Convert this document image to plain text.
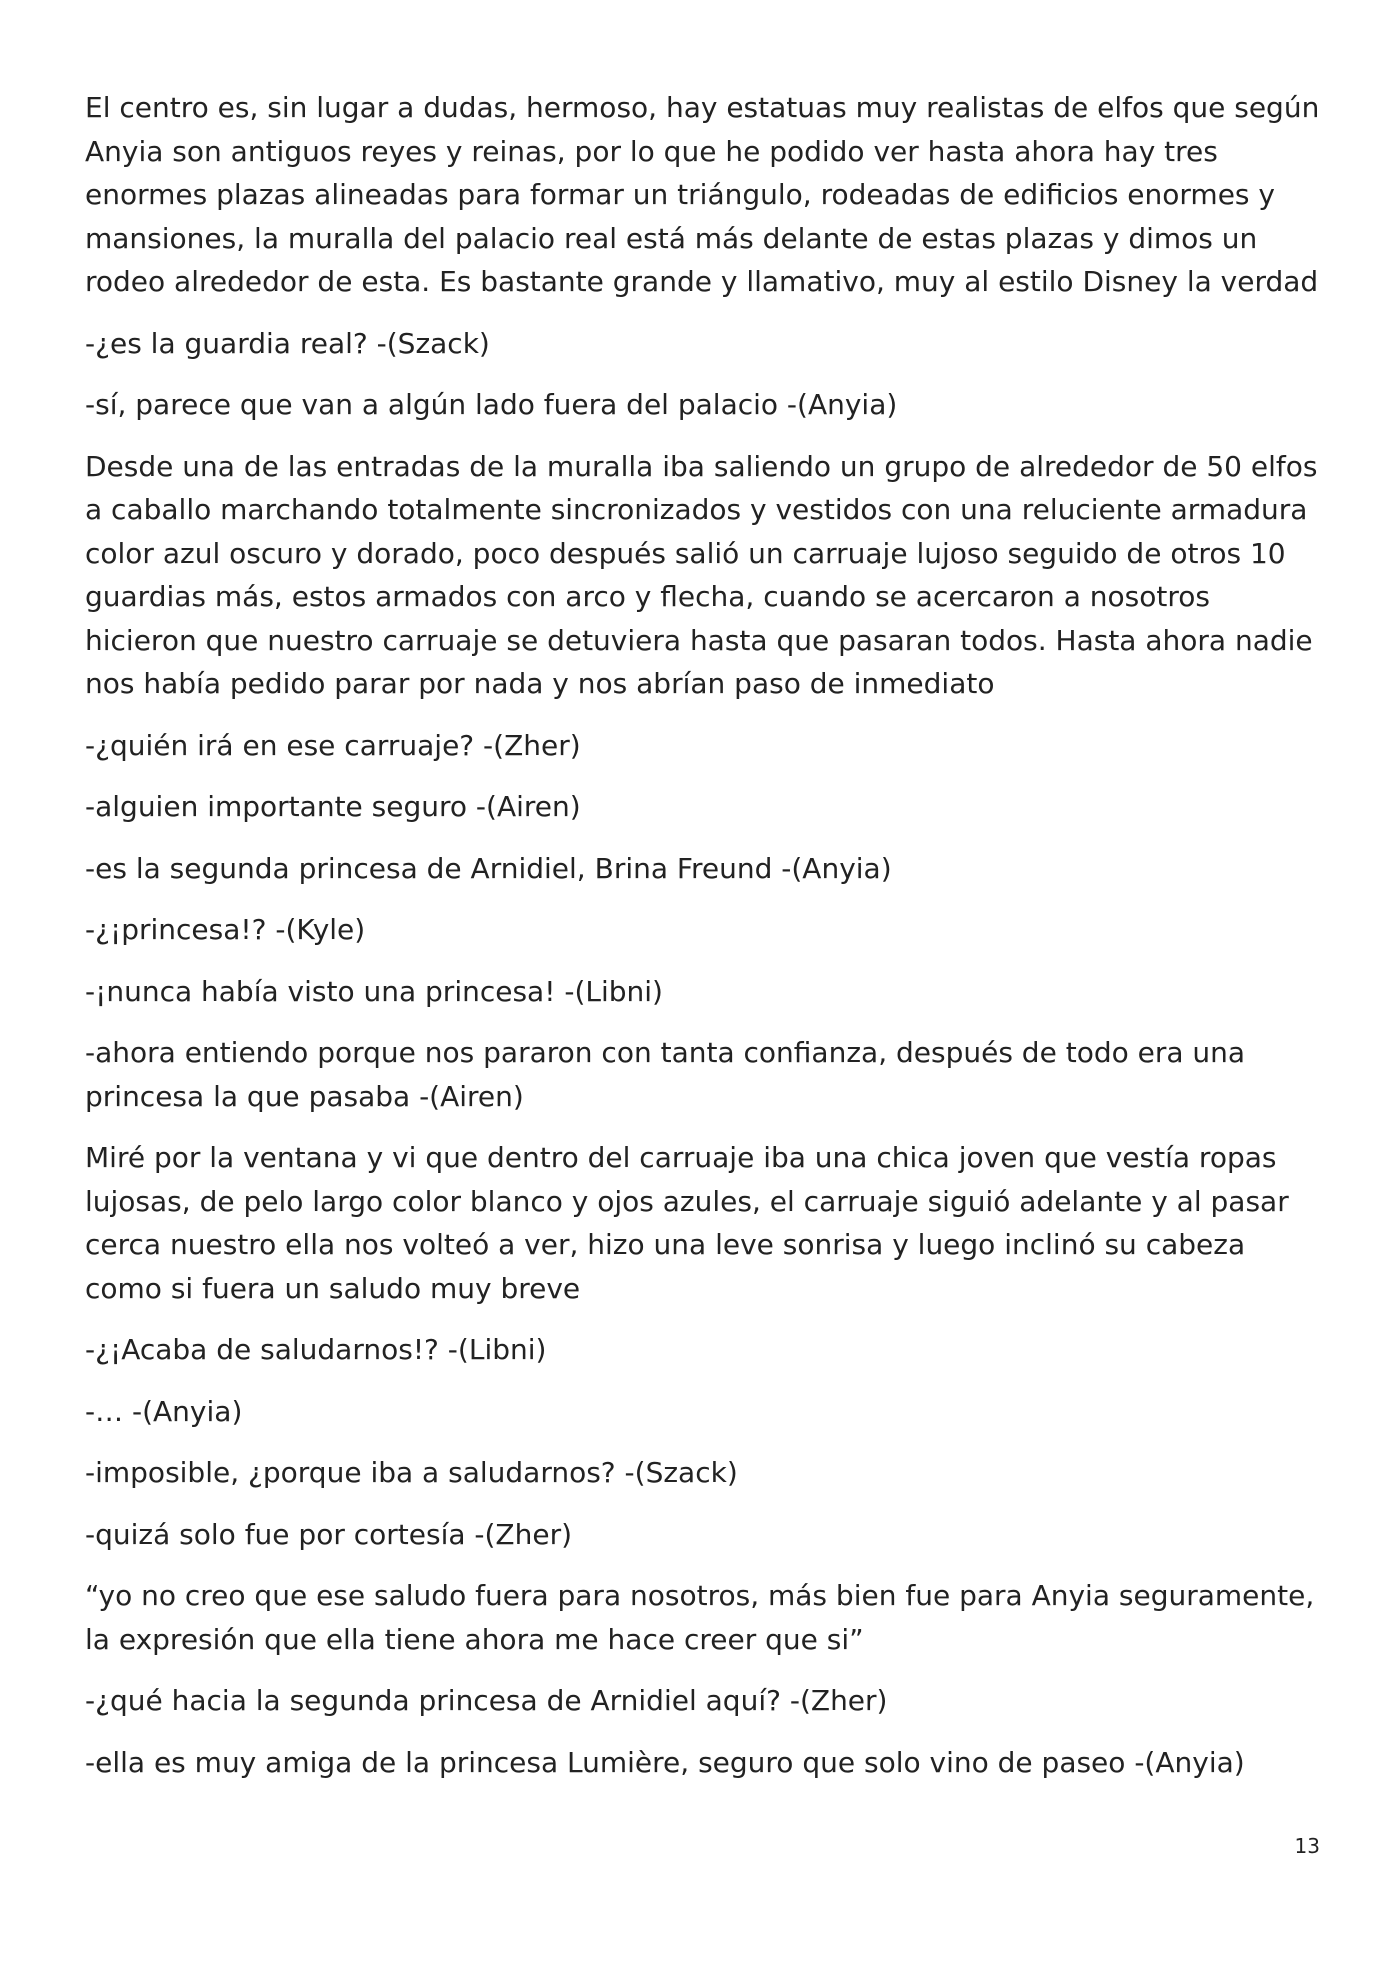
El centro es, sin lugar a dudas, hermoso, hay estatuas muy realistas de elfos que según Anyia son antiguos reyes y reinas, por lo que he podido ver hasta ahora hay tres enormes plazas alineadas para formar un triángulo, rodeadas de edificios enormes y mansiones, la muralla del palacio real está más delante de estas plazas y dimos un rodeo alrededor de esta. Es bastante grande y llamativo, muy al estilo Disney la verdad

-¿es la guardia real? -(Szack)

-sí, parece que van a algún lado fuera del palacio -(Anyia)

Desde una de las entradas de la muralla iba saliendo un grupo de alrededor de 50 elfos a caballo marchando totalmente sincronizados y vestidos con una reluciente armadura color azul oscuro y dorado, poco después salió un carruaje lujoso seguido de otros 10 guardias más, estos armados con arco y flecha, cuando se acercaron a nosotros hicieron que nuestro carruaje se detuviera hasta que pasaran todos. Hasta ahora nadie nos había pedido parar por nada y nos abrían paso de inmediato

-¿quién irá en ese carruaje? -(Zher)

-alguien importante seguro -(Airen)

-es la segunda princesa de Arnidiel, Brina Freund -(Anyia)

-¿¡princesa!? -(Kyle)

-¡nunca había visto una princesa! -(Libni)

-ahora entiendo porque nos pararon con tanta confianza, después de todo era una princesa la que pasaba -(Airen)

Miré por la ventana y vi que dentro del carruaje iba una chica joven que vestía ropas lujosas, de pelo largo color blanco y ojos azules, el carruaje siguió adelante y al pasar cerca nuestro ella nos volteó a ver, hizo una leve sonrisa y luego inclinó su cabeza como si fuera un saludo muy breve

-¿¡Acaba de saludarnos!? -(Libni)

-… -(Anyia)

-imposible, ¿porque iba a saludarnos? -(Szack)

-quizá solo fue por cortesía -(Zher)

“yo no creo que ese saludo fuera para nosotros, más bien fue para Anyia seguramente, la expresión que ella tiene ahora me hace creer que si”

-¿qué hacia la segunda princesa de Arnidiel aquí? -(Zher)

-ella es muy amiga de la princesa Lumière, seguro que solo vino de paseo -(Anyia)

13
